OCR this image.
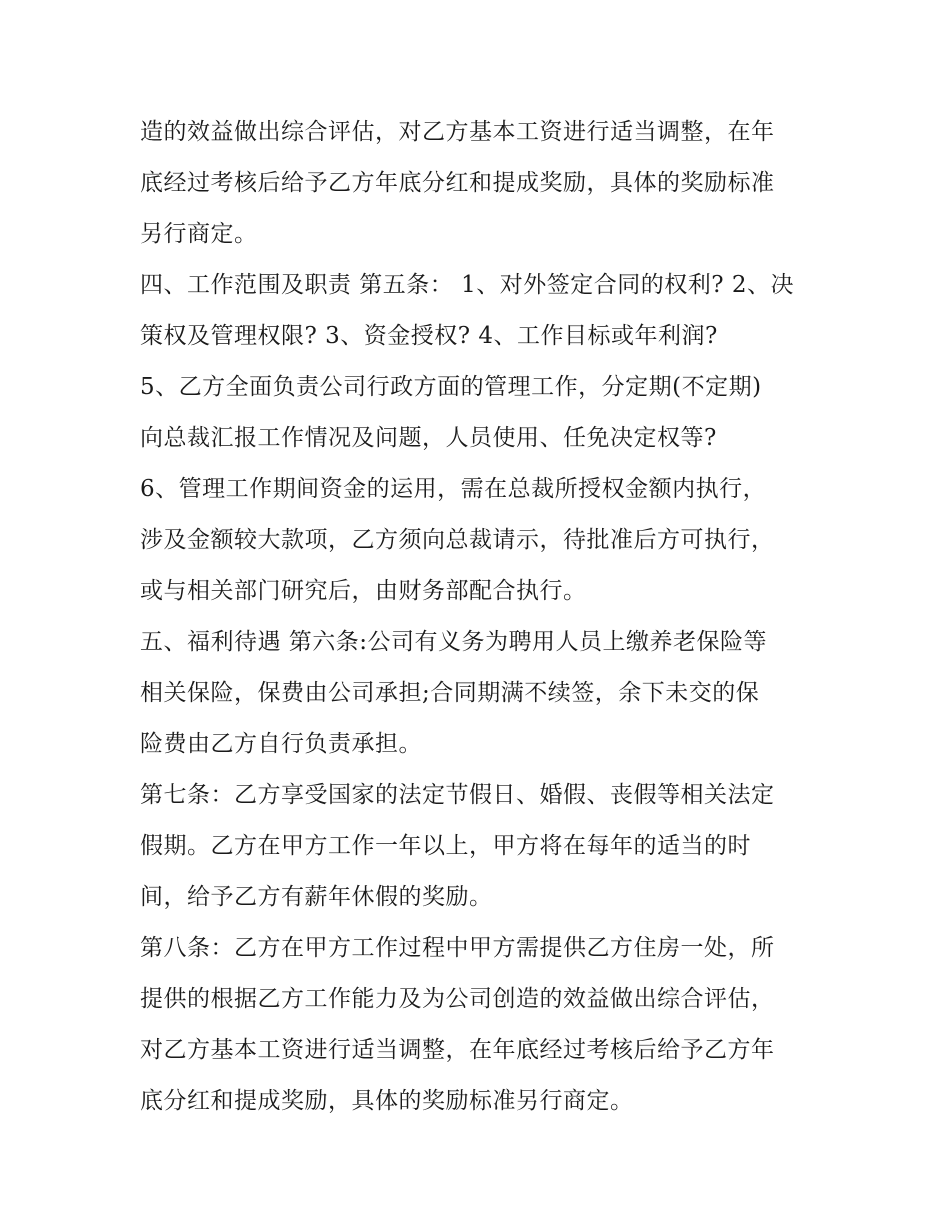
造的效益做出综合评估，对乙方基本工资进行适当调整，在年
底经过考核后给予乙方年底分红和提成奖励，具体的奖励标准
另行商定。
四、工作范围及职责 第五条： 1、对外签定合同的权利? 2、决
策权及管理权限? 3、资金授权? 4、工作目标或年利润?
5、乙方全面负责公司行政方面的管理工作，分定期(不定期)
向总裁汇报工作情况及问题，人员使用、任免决定权等?
6、管理工作期间资金的运用，需在总裁所授权金额内执行，
涉及金额较大款项，乙方须向总裁请示，待批准后方可执行，
或与相关部门研究后，由财务部配合执行。
五、福利待遇 第六条:公司有义务为聘用人员上缴养老保险等
相关保险，保费由公司承担;合同期满不续签，余下未交的保
险费由乙方自行负责承担。
第七条：乙方享受国家的法定节假日、婚假、丧假等相关法定
假期。乙方在甲方工作一年以上，甲方将在每年的适当的时
间，给予乙方有薪年休假的奖励。
第八条：乙方在甲方工作过程中甲方需提供乙方住房一处，所
提供的根据乙方工作能力及为公司创造的效益做出综合评估，
对乙方基本工资进行适当调整，在年底经过考核后给予乙方年
底分红和提成奖励，具体的奖励标准另行商定。
